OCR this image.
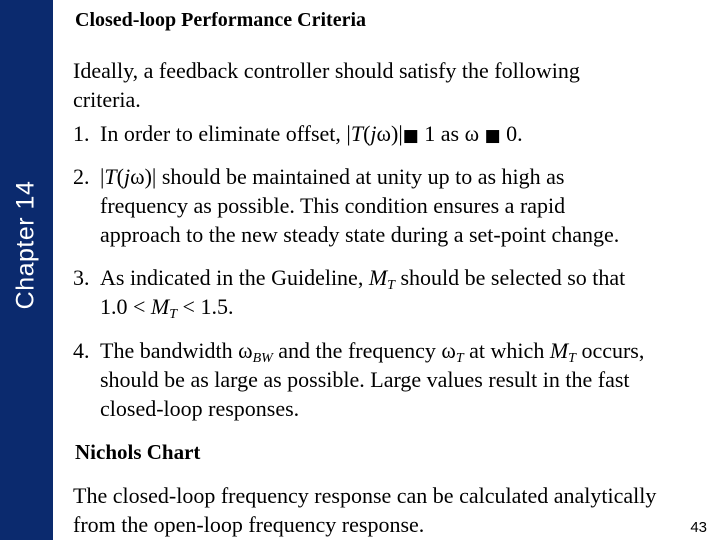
Chapter 14
Closed-loop Performance Criteria
Ideally, a feedback controller should satisfy the following
criteria.
1. In order to eliminate offset, |T(jω)|■ 1 as ω ■ 0.
2. |T(jω)| should be maintained at unity up to as high as
frequency as possible. This condition ensures a rapid
approach to the new steady state during a set-point change.
3. As indicated in the Guideline, $M_T$ should be selected so that
$1.0 < M_T < 1.5$.
4. The bandwidth $\omega_{BW}$ and the frequency $\omega_T$ at which $M_T$ occurs,
should be as large as possible. Large values result in the fast
closed-loop responses.
Nichols Chart
The closed-loop frequency response can be calculated analytically
from the open-loop frequency response.	43
